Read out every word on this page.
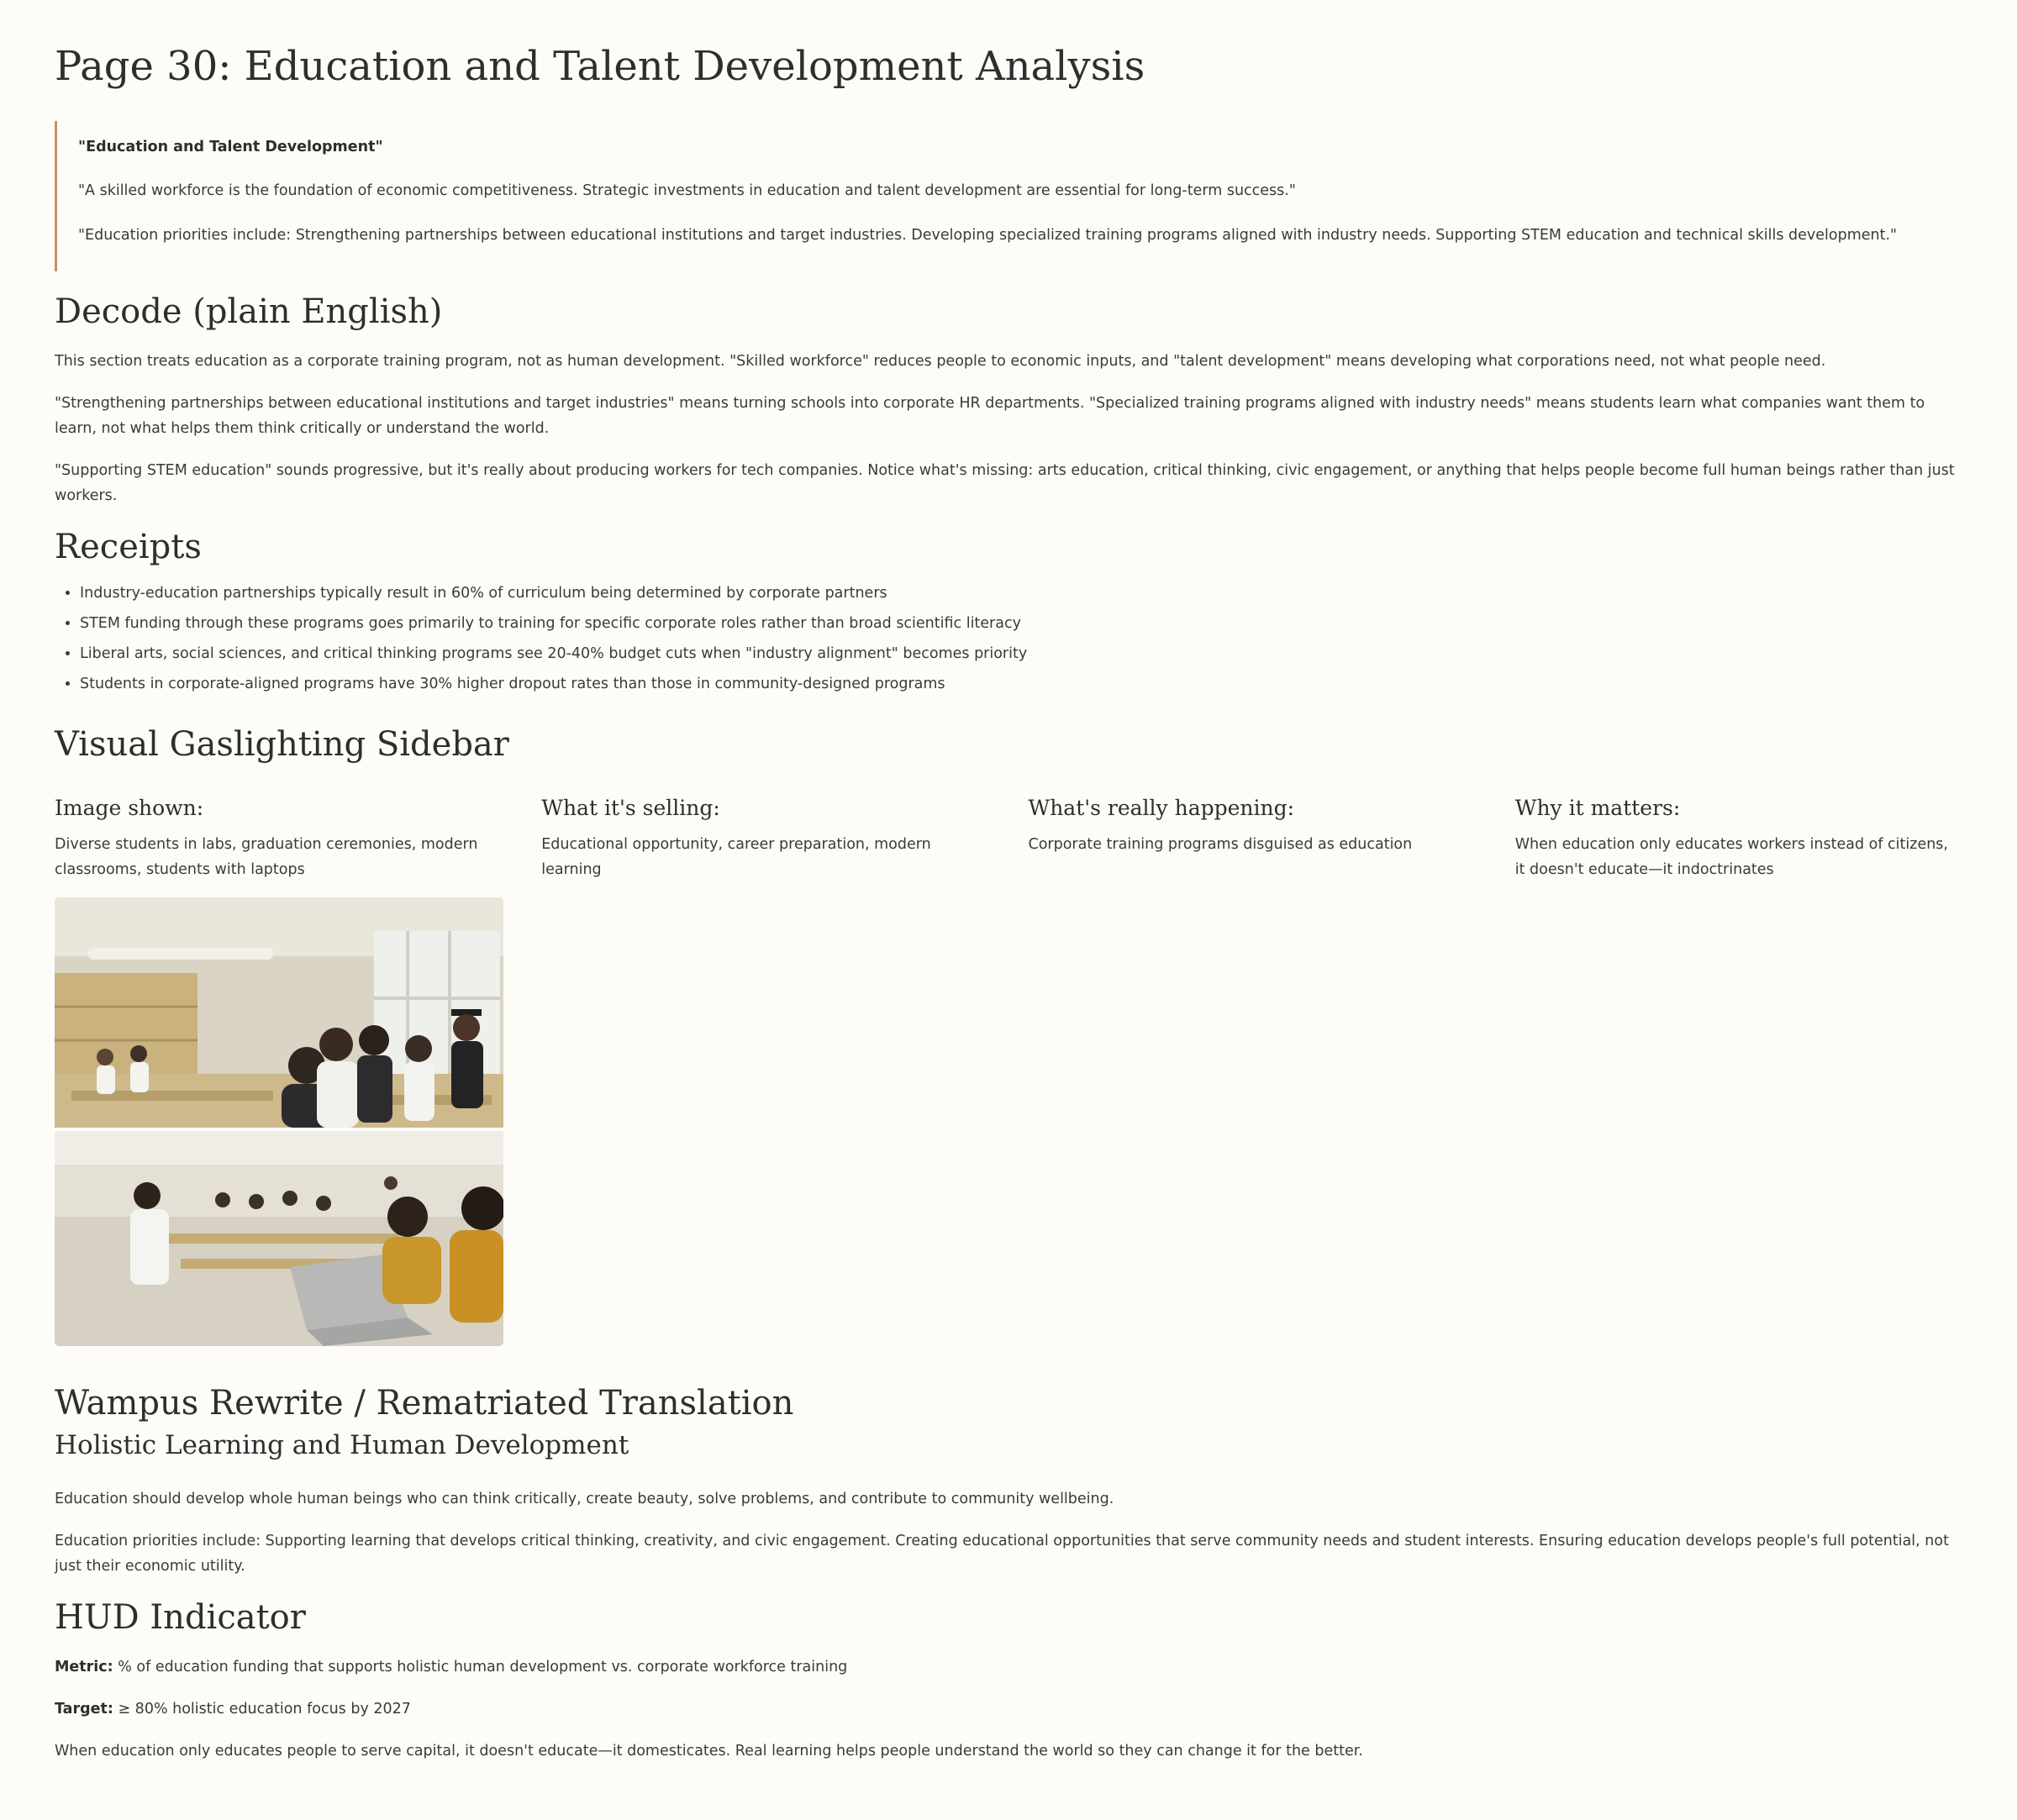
Page 30: Education and Talent Development Analysis

"Education and Talent Development"

"A skilled workforce is the foundation of economic competitiveness. Strategic investments in education and talent development are essential for long-term success."

"Education priorities include: Strengthening partnerships between educational institutions and target industries. Developing specialized training programs aligned with industry needs. Supporting STEM education and technical skills development."

Decode (plain English)

This section treats education as a corporate training program, not as human development. "Skilled workforce" reduces people to economic inputs, and "talent development" means developing what corporations need, not what people need.

"Strengthening partnerships between educational institutions and target industries" means turning schools into corporate HR departments. "Specialized training programs aligned with industry needs" means students learn what companies want them to learn, not what helps them think critically or understand the world.

"Supporting STEM education" sounds progressive, but it's really about producing workers for tech companies. Notice what's missing: arts education, critical thinking, civic engagement, or anything that helps people become full human beings rather than just workers.

Receipts
• Industry-education partnerships typically result in 60% of curriculum being determined by corporate partners
• STEM funding through these programs goes primarily to training for specific corporate roles rather than broad scientific literacy
• Liberal arts, social sciences, and critical thinking programs see 20-40% budget cuts when "industry alignment" becomes priority
• Students in corporate-aligned programs have 30% higher dropout rates than those in community-designed programs
Visual Gaslighting Sidebar
Image shown:

Diverse students in labs, graduation ceremonies, modern classrooms, students with laptops

What it's selling:

Educational opportunity, career preparation, modern learning

What's really happening:

Corporate training programs disguised as education

Why it matters:

When education only educates workers instead of citizens, it doesn't educate—it indoctrinates

Wampus Rewrite / Rematriated Translation
Holistic Learning and Human Development

Education should develop whole human beings who can think critically, create beauty, solve problems, and contribute to community wellbeing.

Education priorities include: Supporting learning that develops critical thinking, creativity, and civic engagement. Creating educational opportunities that serve community needs and student interests. Ensuring education develops people's full potential, not just their economic utility.

HUD Indicator

Metric: % of education funding that supports holistic human development vs. corporate workforce training

Target: ≥ 80% holistic education focus by 2027

When education only educates people to serve capital, it doesn't educate—it domesticates. Real learning helps people understand the world so they can change it for the better.
